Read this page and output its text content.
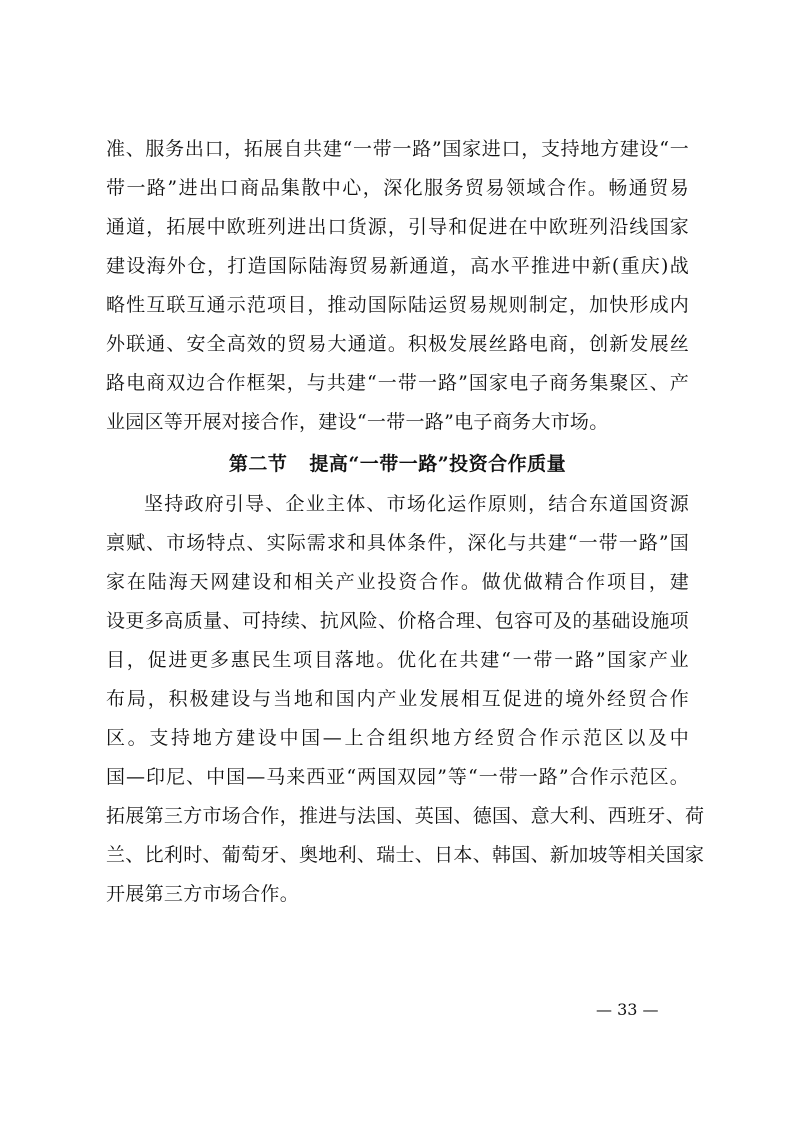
准、服务出口，拓展自共建“一带一路”国家进口，支持地方建设“一
带一路”进出口商品集散中心，深化服务贸易领域合作。畅通贸易
通道，拓展中欧班列进出口货源，引导和促进在中欧班列沿线国家
建设海外仓，打造国际陆海贸易新通道，高水平推进中新(重庆)战
略性互联互通示范项目，推动国际陆运贸易规则制定，加快形成内
外联通、安全高效的贸易大通道。积极发展丝路电商，创新发展丝
路电商双边合作框架，与共建“一带一路”国家电子商务集聚区、产
业园区等开展对接合作，建设“一带一路”电子商务大市场。
第二节 提高“一带一路”投资合作质量
坚持政府引导、企业主体、市场化运作原则，结合东道国资源
禀赋、市场特点、实际需求和具体条件，深化与共建“一带一路”国
家在陆海天网建设和相关产业投资合作。做优做精合作项目，建
设更多高质量、可持续、抗风险、价格合理、包容可及的基础设施项
目，促进更多惠民生项目落地。优化在共建“一带一路”国家产业
布局，积极建设与当地和国内产业发展相互促进的境外经贸合作
区。支持地方建设中国—上合组织地方经贸合作示范区以及中
国—印尼、中国—马来西亚“两国双园”等“一带一路”合作示范区。
拓展第三方市场合作，推进与法国、英国、德国、意大利、西班牙、荷
兰、比利时、葡萄牙、奥地利、瑞士、日本、韩国、新加坡等相关国家
开展第三方市场合作。
— 33 —
